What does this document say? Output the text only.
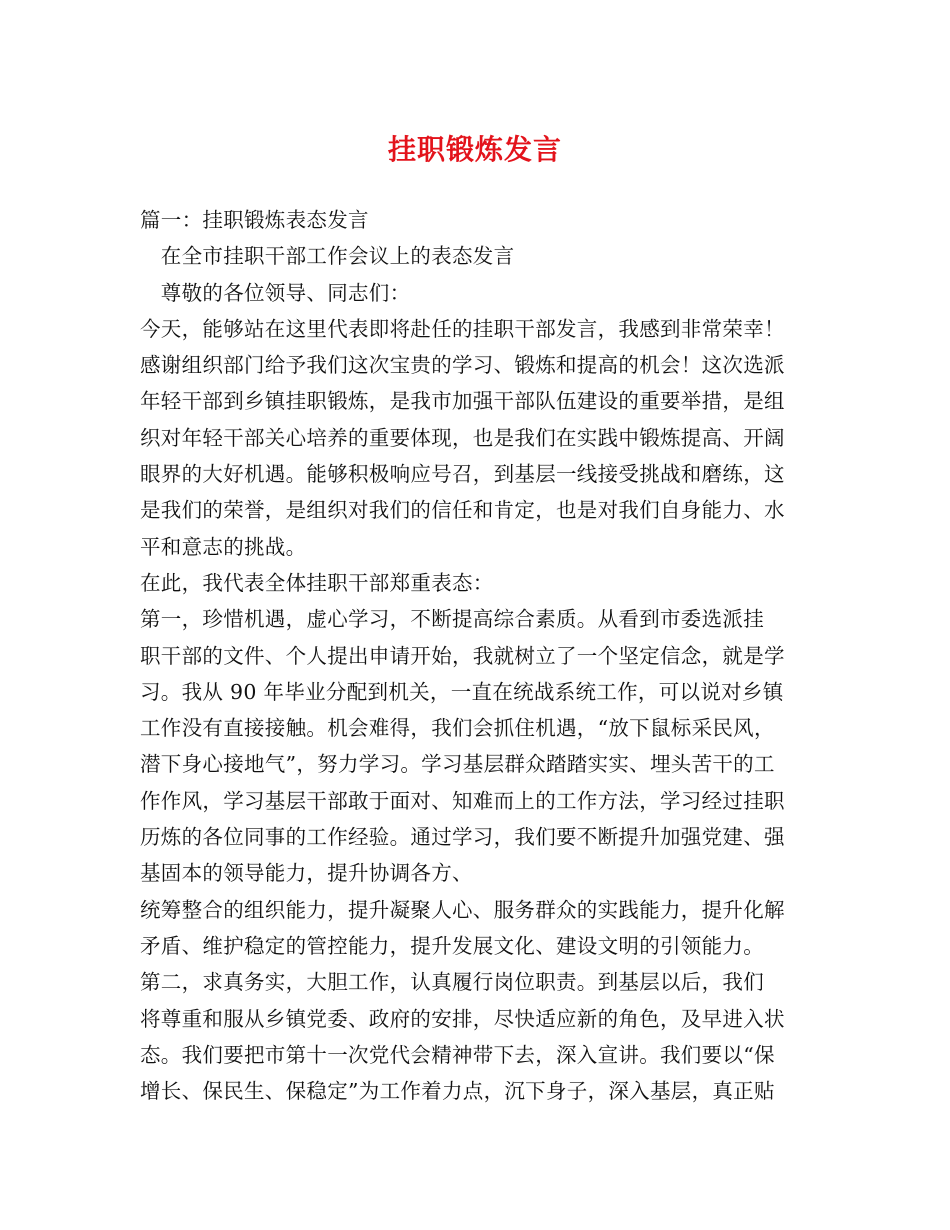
挂职锻炼发言

篇一：挂职锻炼表态发言

　在全市挂职干部工作会议上的表态发言

　尊敬的各位领导、同志们：

今天，能够站在这里代表即将赴任的挂职干部发言，我感到非常荣幸！

感谢组织部门给予我们这次宝贵的学习、锻炼和提高的机会！这次选派

年轻干部到乡镇挂职锻炼，是我市加强干部队伍建设的重要举措，是组

织对年轻干部关心培养的重要体现，也是我们在实践中锻炼提高、开阔

眼界的大好机遇。能够积极响应号召，到基层一线接受挑战和磨练，这

是我们的荣誉，是组织对我们的信任和肯定，也是对我们自身能力、水

平和意志的挑战。

在此，我代表全体挂职干部郑重表态：

第一，珍惜机遇，虚心学习，不断提高综合素质。从看到市委选派挂

职干部的文件、个人提出申请开始，我就树立了一个坚定信念，就是学

习。我从 90 年毕业分配到机关，一直在统战系统工作，可以说对乡镇

工作没有直接接触。机会难得，我们会抓住机遇，“放下鼠标采民风，

潜下身心接地气”，努力学习。学习基层群众踏踏实实、埋头苦干的工

作作风，学习基层干部敢于面对、知难而上的工作方法，学习经过挂职

历炼的各位同事的工作经验。通过学习，我们要不断提升加强党建、强

基固本的领导能力，提升协调各方、

统筹整合的组织能力，提升凝聚人心、服务群众的实践能力，提升化解

矛盾、维护稳定的管控能力，提升发展文化、建设文明的引领能力。

第二，求真务实，大胆工作，认真履行岗位职责。到基层以后，我们

将尊重和服从乡镇党委、政府的安排，尽快适应新的角色，及早进入状

态。我们要把市第十一次党代会精神带下去，深入宣讲。我们要以“保

增长、保民生、保稳定”为工作着力点，沉下身子，深入基层，真正贴
